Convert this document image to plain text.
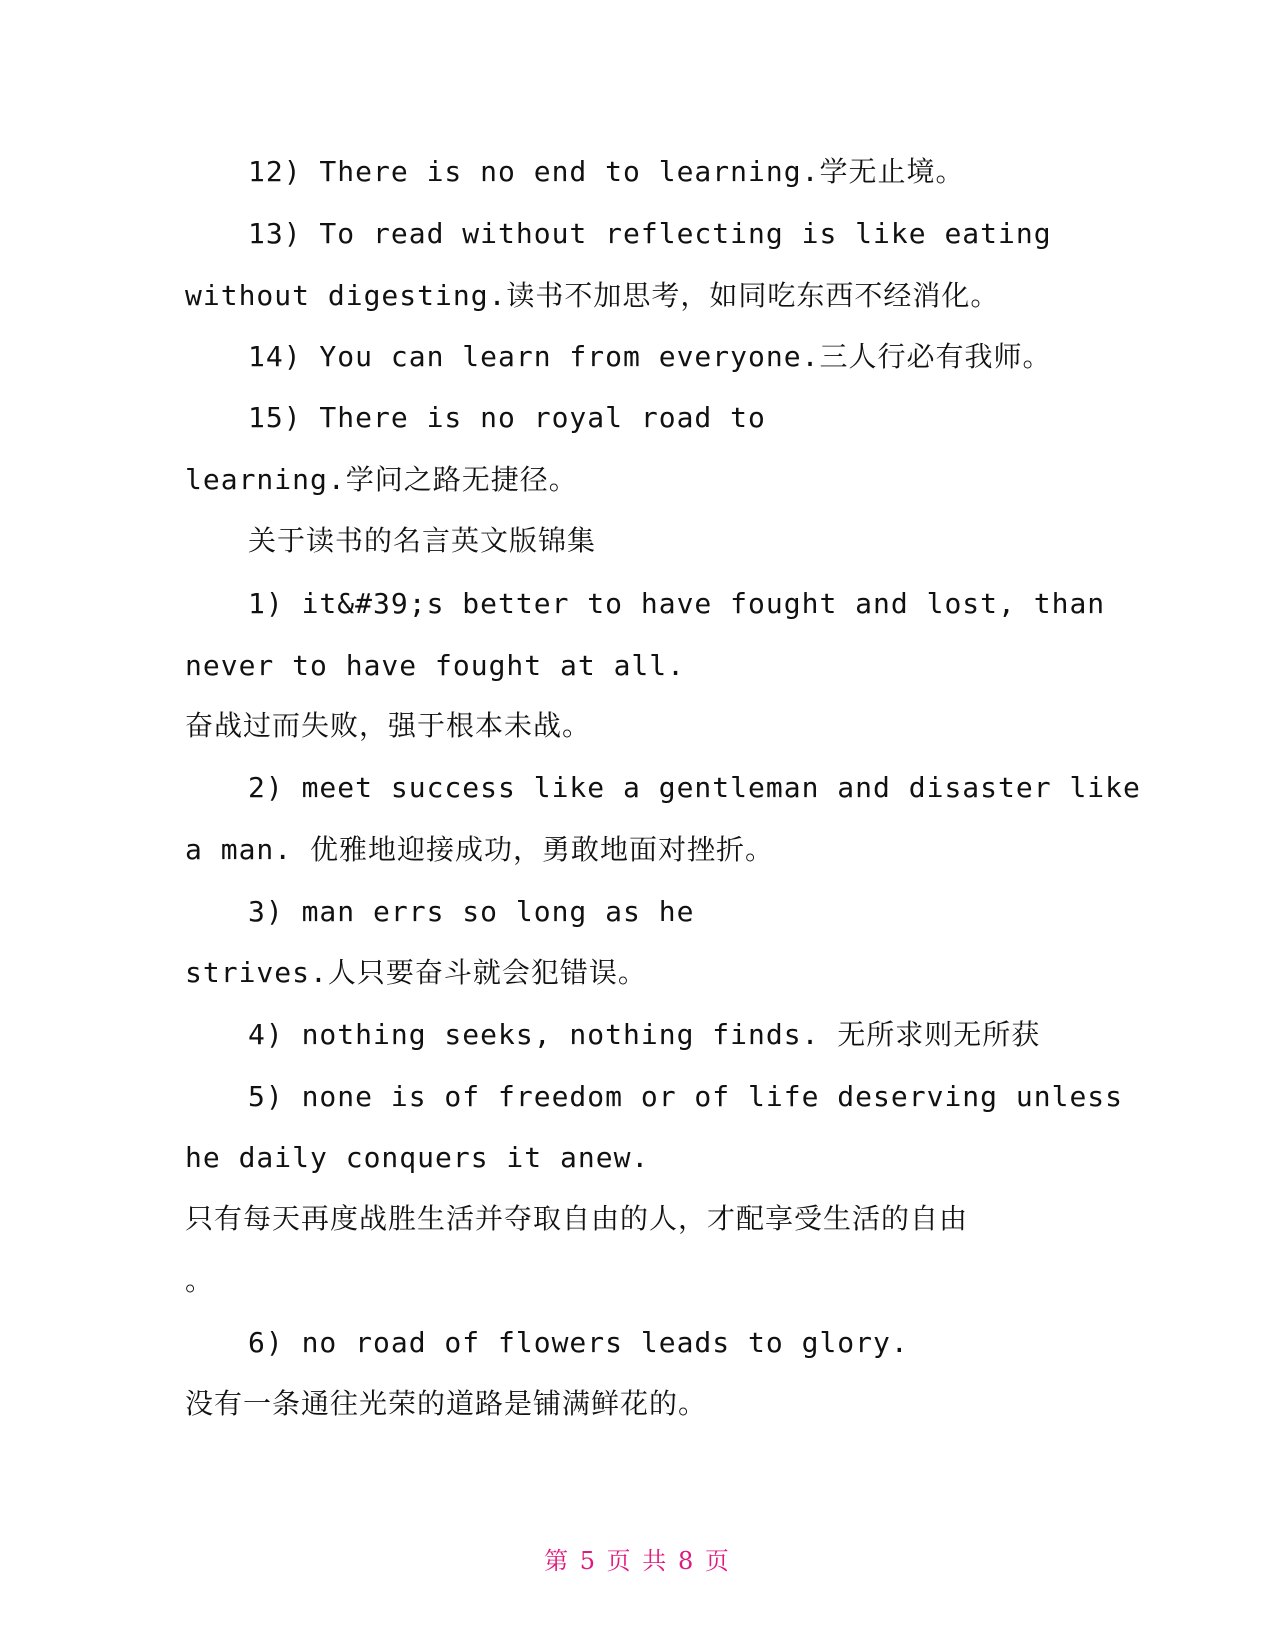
12) There is no end to learning.学无止境。
13) To read without reflecting is like eating
without digesting.读书不加思考，如同吃东西不经消化。
14) You can learn from everyone.三人行必有我师。
15) There is no royal road to
learning.学问之路无捷径。
关于读书的名言英文版锦集
1) it&#39;s better to have fought and lost, than
never to have fought at all.
奋战过而失败，强于根本未战。
2) meet success like a gentleman and disaster like
a man. 优雅地迎接成功，勇敢地面对挫折。
3) man errs so long as he
strives.人只要奋斗就会犯错误。
4) nothing seeks, nothing finds. 无所求则无所获
5) none is of freedom or of life deserving unless
he daily conquers it anew.
只有每天再度战胜生活并夺取自由的人，才配享受生活的自由
。
6) no road of flowers leads to glory.
没有一条通往光荣的道路是铺满鲜花的。
第 5 页 共 8 页
